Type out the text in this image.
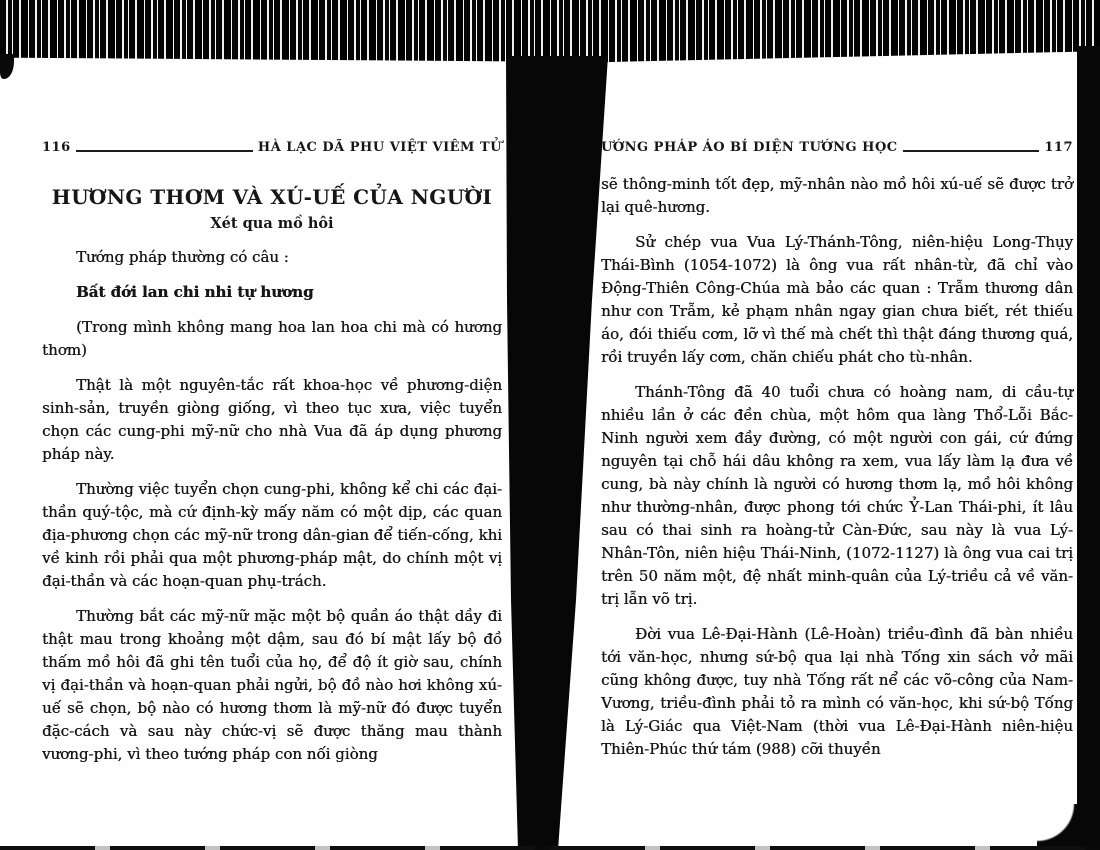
116	HÀ LẠC DÃ PHU VIỆT VIÊM TỬ
HƯƠNG THƠM VÀ XÚ-UẾ CỦA NGƯỜI
Xét qua mồ hôi

Tướng pháp thường có câu :

Bất đới lan chi nhi tự hương

(Trong mình không mang hoa lan hoa chi mà có hương thơm)

Thật là một nguyên-tắc rất khoa-học về phương-diện sinh-sản, truyền giòng giống, vì theo tục xưa, việc tuyển chọn các cung-phi mỹ-nữ cho nhà Vua đã áp dụng phương pháp này.

Thường việc tuyển chọn cung-phi, không kể chi các đại-thần quý-tộc, mà cứ định-kỳ mấy năm có một dịp, các quan địa-phương chọn các mỹ-nữ trong dân-gian để tiến-cống, khi về kinh rồi phải qua một phương-pháp mật, do chính một vị đại-thần và các hoạn-quan phụ-trách.

Thường bắt các mỹ-nữ mặc một bộ quần áo thật dầy đi thật mau trong khoảng một dậm, sau đó bí mật lấy bộ đồ thấm mồ hôi đã ghi tên tuổi của họ, để độ ít giờ sau, chính vị đại-thần và hoạn-quan phải ngửi, bộ đồ nào hơi không xú-uế sẽ chọn, bộ nào có hương thơm là mỹ-nữ đó được tuyển đặc-cách và sau này chức-vị sẽ được thăng mau thành vương-phi, vì theo tướng pháp con nối giòng

ƯỚNG PHÁP ÁO BÍ DIỆN TƯỚNG HỌC	117

sẽ thông-minh tốt đẹp, mỹ-nhân nào mồ hôi xú-uế sẽ được trở lại quê-hương.

Sử chép vua Vua Lý-Thánh-Tông, niên-hiệu Long-Thụy Thái-Bình (1054-1072) là ông vua rất nhân-từ, đã chỉ vào Động-Thiên Công-Chúa mà bảo các quan : Trẫm thương dân như con Trẫm, kẻ phạm nhân ngay gian chưa biết, rét thiếu áo, đói thiếu cơm, lỡ vì thế mà chết thì thật đáng thương quá, rồi truyền lấy cơm, chăn chiếu phát cho tù-nhân.

Thánh-Tông đã 40 tuổi chưa có hoàng nam, di cầu-tự nhiều lần ở các đền chùa, một hôm qua làng Thổ-Lỗi Bắc-Ninh người xem đầy đường, có một người con gái, cứ đứng nguyên tại chỗ hái dâu không ra xem, vua lấy làm lạ đưa về cung, bà này chính là người có hương thơm lạ, mồ hôi không như thường-nhân, được phong tới chức Ỷ-Lan Thái-phi, ít lâu sau có thai sinh ra hoàng-tử Càn-Đức, sau này là vua Lý-Nhân-Tôn, niên hiệu Thái-Ninh, (1072-1127) là ông vua cai trị trên 50 năm một, đệ nhất minh-quân của Lý-triều cả về văn-trị lẫn võ trị.

Đời vua Lê-Đại-Hành (Lê-Hoàn) triều-đình đã bàn nhiều tới văn-học, nhưng sứ-bộ qua lại nhà Tống xin sách vở mãi cũng không được, tuy nhà Tống rất nể các võ-công của Nam-Vương, triều-đình phải tỏ ra mình có văn-học, khi sứ-bộ Tống là Lý-Giác qua Việt-Nam (thời vua Lê-Đại-Hành niên-hiệu Thiên-Phúc thứ tám (988) cỡi thuyền
